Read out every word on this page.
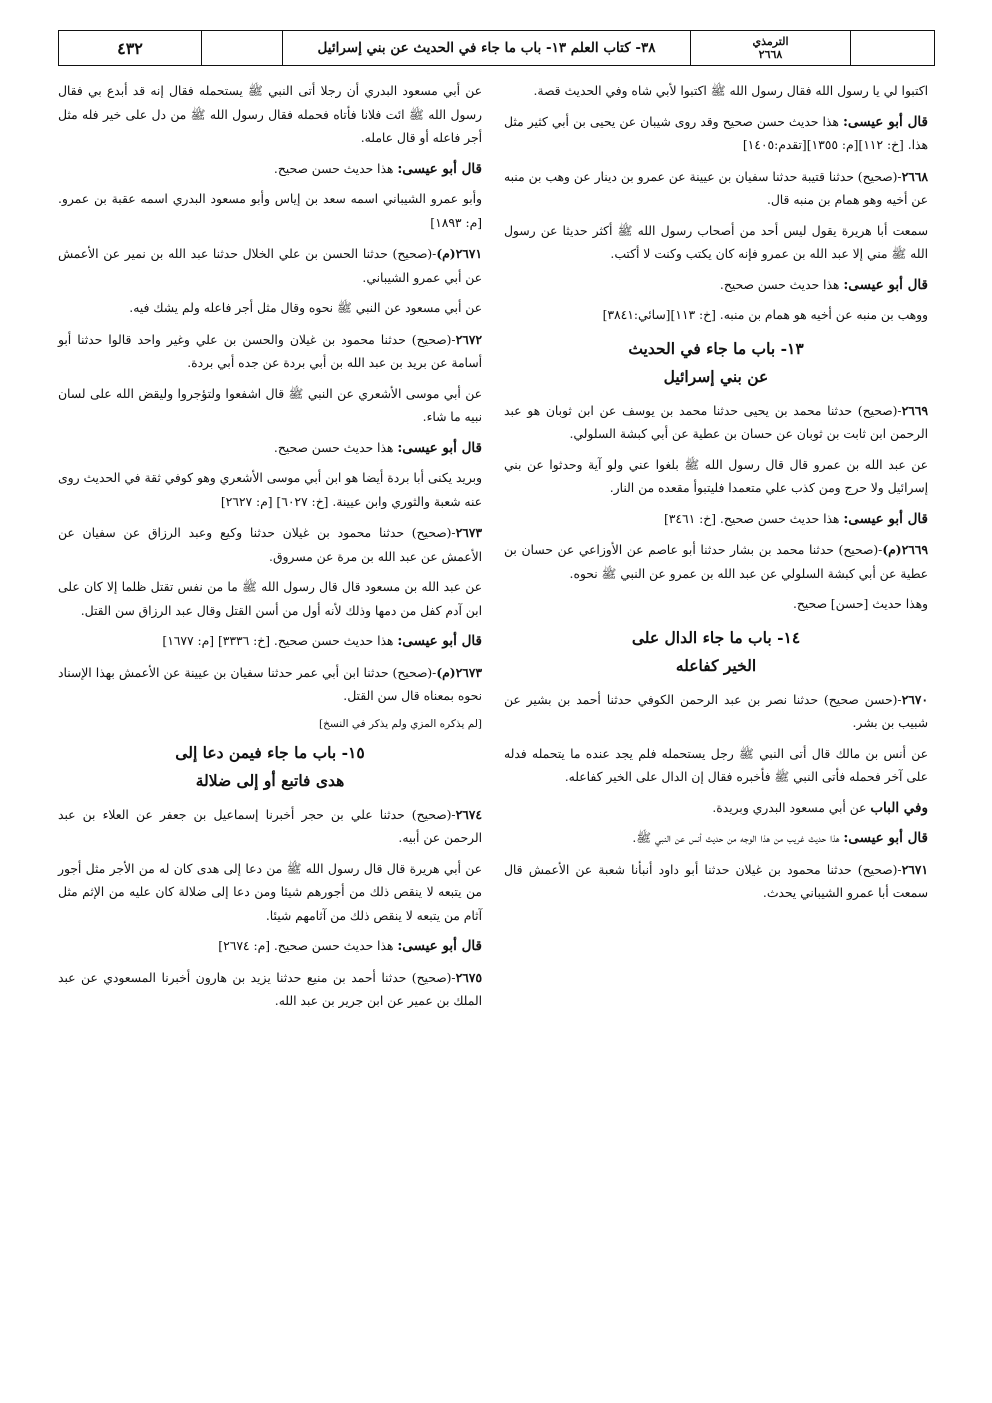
٤٣٢	٣٨- كتاب العلم ١٣- باب ما جاء في الحديث عن بني إسرائيل	الترمذي
٢٦٦٨

اكتبوا لي يا رسول الله فقال رسول الله ﷺ اكتبوا لأبي شاه وفي الحديث قصة.

قال أبو عيسى: هذا حديث حسن صحيح وقد روى شيبان عن يحيى بن أبي كثير مثل هذا. [خ: ١١٢][م: ١٣٥٥][تقدم:١٤٠٥]

٢٦٦٨-(صحيح) حدثنا قتيبة حدثنا سفيان بن عيينة عن عمرو بن دينار عن وهب بن منبه عن أخيه وهو همام بن منبه قال.

سمعت أبا هريرة يقول ليس أحد من أصحاب رسول الله ﷺ أكثر حديثا عن رسول الله ﷺ مني إلا عبد الله بن عمرو فإنه كان يكتب وكنت لا أكتب.

قال أبو عيسى: هذا حديث حسن صحيح.

ووهب بن منبه عن أخيه هو همام بن منبه. [خ: ١١٣][سائي:٣٨٤١]

١٣- باب ما جاء في الحديث
عن بني إسرائيل

٢٦٦٩-(صحيح) حدثنا محمد بن يحيى حدثنا محمد بن يوسف عن ابن ثوبان هو عبد الرحمن ابن ثابت بن ثوبان عن حسان بن عطية عن أبي كبشة السلولي.

عن عبد الله بن عمرو قال قال رسول الله ﷺ بلغوا عني ولو آية وحدثوا عن بني إسرائيل ولا حرج ومن كذب علي متعمدا فليتبوأ مقعده من النار.

قال أبو عيسى: هذا حديث حسن صحيح. [خ: ٣٤٦١]

٢٦٦٩(م)-(صحيح) حدثنا محمد بن بشار حدثنا أبو عاصم عن الأوزاعي عن حسان بن عطية عن أبي كبشة السلولي عن عبد الله بن عمرو عن النبي ﷺ نحوه.

وهذا حديث [حسن] صحيح.

١٤- باب ما جاء الدال على
الخير كفاعله

٢٦٧٠-(حسن صحيح) حدثنا نصر بن عبد الرحمن الكوفي حدثنا أحمد بن بشير عن شبيب بن بشر.

عن أنس بن مالك قال أتى النبي ﷺ رجل يستحمله فلم يجد عنده ما يتحمله فدله على آخر فحمله فأتى النبي ﷺ فأخبره فقال إن الدال على الخير كفاعله.

وفي الباب عن أبي مسعود البدري وبريدة.

قال أبو عيسى: هذا حديث غريب من هذا الوجه من حديث أنس عن النبي ﷺ.

٢٦٧١-(صحيح) حدثنا محمود بن غيلان حدثنا أبو داود أنبأنا شعبة عن الأعمش قال سمعت أبا عمرو الشيباني يحدث.

عن أبي مسعود البدري أن رجلا أتى النبي ﷺ يستحمله فقال إنه قد أبدع بي فقال رسول الله ﷺ ائت فلانا فأتاه فحمله فقال رسول الله ﷺ من دل على خير فله مثل أجر فاعله أو قال عامله.

قال أبو عيسى: هذا حديث حسن صحيح.

وأبو عمرو الشيباني اسمه سعد بن إياس وأبو مسعود البدري اسمه عقبة بن عمرو. [م: ١٨٩٣]

٢٦٧١(م)-(صحيح) حدثنا الحسن بن علي الخلال حدثنا عبد الله بن نمير عن الأعمش عن أبي عمرو الشيباني.

عن أبي مسعود عن النبي ﷺ نحوه وقال مثل أجر فاعله ولم يشك فيه.

٢٦٧٢-(صحيح) حدثنا محمود بن غيلان والحسن بن علي وغير واحد قالوا حدثنا أبو أسامة عن بريد بن عبد الله بن أبي بردة عن جده أبي بردة.

عن أبي موسى الأشعري عن النبي ﷺ قال اشفعوا ولتؤجروا وليقض الله على لسان نبيه ما شاء.

قال أبو عيسى: هذا حديث حسن صحيح.

وبريد يكنى أبا بردة أيضا هو ابن أبي موسى الأشعري وهو كوفي ثقة في الحديث روى عنه شعبة والثوري وابن عيينة. [خ: ٦٠٢٧] [م: ٢٦٢٧]

٢٦٧٣-(صحيح) حدثنا محمود بن غيلان حدثنا وكيع وعبد الرزاق عن سفيان عن الأعمش عن عبد الله بن مرة عن مسروق.

عن عبد الله بن مسعود قال قال رسول الله ﷺ ما من نفس تقتل ظلما إلا كان على ابن آدم كفل من دمها وذلك لأنه أول من أسن القتل وقال عبد الرزاق سن القتل.

قال أبو عيسى: هذا حديث حسن صحيح. [خ: ٣٣٣٦] [م: ١٦٧٧]

٢٦٧٣(م)-(صحيح) حدثنا ابن أبي عمر حدثنا سفيان بن عيينة عن الأعمش بهذا الإسناد نحوه بمعناه قال سن القتل.

[لم يذكره المزي ولم يذكر في النسخ]

١٥- باب ما جاء فيمن دعا إلى
هدى فاتبع أو إلى ضلالة

٢٦٧٤-(صحيح) حدثنا علي بن حجر أخبرنا إسماعيل بن جعفر عن العلاء بن عبد الرحمن عن أبيه.

عن أبي هريرة قال قال رسول الله ﷺ من دعا إلى هدى كان له من الأجر مثل أجور من يتبعه لا ينقص ذلك من أجورهم شيئا ومن دعا إلى ضلالة كان عليه من الإثم مثل آثام من يتبعه لا ينقص ذلك من آثامهم شيئا.

قال أبو عيسى: هذا حديث حسن صحيح. [م: ٢٦٧٤]

٢٦٧٥-(صحيح) حدثنا أحمد بن منيع حدثنا يزيد بن هارون أخبرنا المسعودي عن عبد الملك بن عمير عن ابن جرير بن عبد الله.
